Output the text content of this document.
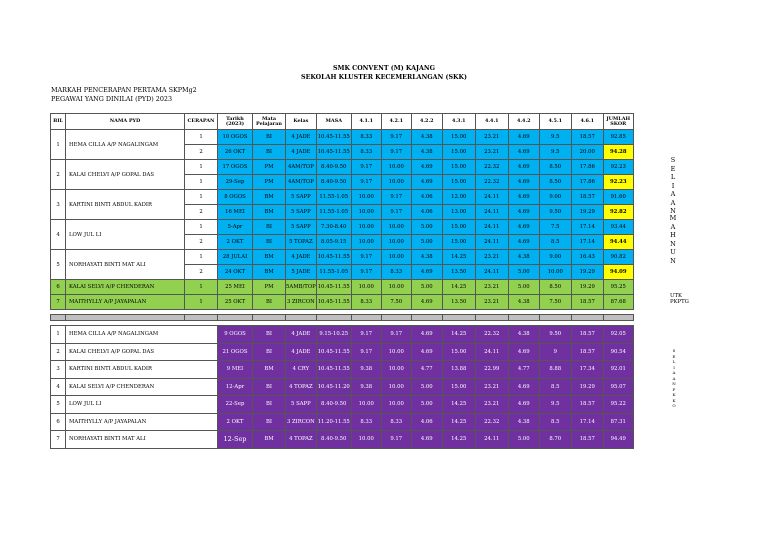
SMK CONVENT (M) KAJANG
SEKOLAH KLUSTER KECEMERLANGAN (SKK)
MARKAH PENCERAPAN PERTAMA SKPMg2
PEGAWAI YANG DINILAI (PYD) 2023
BIL	NAMA PYD	CERAPAN	Tarikh (2023)	Mata Pelajaran	Kelas	MASA	4.1.1	4.2.1	4.2.2	4.3.1	4.4.1	4.4.2	4.5.1	4.6.1	JUMLAH SKOR
1	HEMA CILLA A/P NAGALINGAM	1	10 OGOS	BI	4 JADE	10.45-11.55	8.33	9.17	4.38	15.00	23.21	4.69	9.5	18.57	92.85
		2	26 OKT	BI	4 JADE	10.45-11.55	8.33	9.17	4.38	15.00	23.21	4.69	9.5	20.00	94.28
2	KALAI CHELVI A/P GOPAL DAS	1	17 OGOS	PM	4AM/TOP	8.40-9.50	9.17	10.00	4.69	15.00	22.32	4.69	8.50	17.86	92.23
		1	29-Sep	PM	4AM/TOP	8.40-9.50	9.17	10.00	4.69	15.00	22.32	4.69	8.50	17.86	92.23
3	KARTINI BINTI ABDUL KADIR	1	8 OGOS	BM	5 SAPP	11.55-1.05	10.00	9.17	4.06	12.00	24.11	4.69	9.00	18.57	91.60
		2	16 MEI	BM	5 SAPP	11.55-1.05	10.00	9.17	4.06	13.00	24.11	4.69	9.50	19.29	92.82
4	LOW JUL LI	1	5-Apr	BI	5 SAPP	7.30-8.40	10.00	10.00	5.00	15.00	24.11	4.69	7.5	17.14	93.44
		2	2 OKT	BI	5 TOPAZ	8.05-9.15	10.00	10.00	5.00	15.00	24.11	4.69	8.5	17.14	94.44
5	NORHAYATI BINTI MAT ALI	1	28 JULAI	BM	4 JADE	10.45-11.55	9.17	10.00	4.38	14.25	23.21	4.38	9.00	16.43	90.82
		2	24 OKT	BM	5 JADE	11.55-1.05	9.17	8.33	4.69	13.50	24.11	5.00	10.00	19.29	94.09
6	KALAI SELVI A/P CHENDERAN	1	25 MEI	PM	5AMB/TOP	10.45-11.55	10.00	10.00	5.00	14.25	23.21	5.00	8.50	19.29	95.25
7	MAITHYLLY A/P JAYAPALAN	1	25 OKT	BI	3 ZIRCON	10.45-11.55	8.33	7.50	4.69	13.50	23.21	4.38	7.50	18.57	87.68

1	HEMA CILLA A/P NAGALINGAM		9 OGOS	BI	4 JADE	9.15-10.25	9.17	9.17	4.69	14.25	22.32	4.38	9.50	18.57	92.05
2	KALAI CHELVI A/P GOPAL DAS		21 OGOS	BI	4 JADE	10.45-11.55	9.17	10.00	4.69	15.00	24.11	4.69	9	18.57	90.54
3	KARTINI BINTI ABDUL KADIR		9 MEI	BM	4 CRY	10.45-11.55	9.38	10.00	4.77	13.88	22.99	4.77	8.88	17.34	92.01
4	KALAI SELVI A/P CHENDERAN		12-Apr	BI	4 TOPAZ	10.45-11.20	9.38	10.00	5.00	15.00	23.21	4.69	8.5	19.29	95.07
5	LOW JUL LI		22-Sep	BI	5 SAPP	8.40-9.50	10.00	10.00	5.00	14.25	23.21	4.69	9.5	18.57	95.22
6	MAITHYLLY A/P JAYAPALAN		2 OKT	BI	3 ZIRCON	11.20-11.55	8.33	8.33	4.06	14.25	22.32	4.38	8.5	17.14	87.31
7	NORHAYATI BINTI MAT ALI		12-Sep	BM	4 TOPAZ	8.40-9.50	10.00	9.17	4.69	14.25	24.11	5.00	8.70	18.57	94.49
S
E
L
I
A
A
N
M
A
H
N
U
N
UTK PKPTG
S
E
L
I
A
A
N
P
K
K
O
